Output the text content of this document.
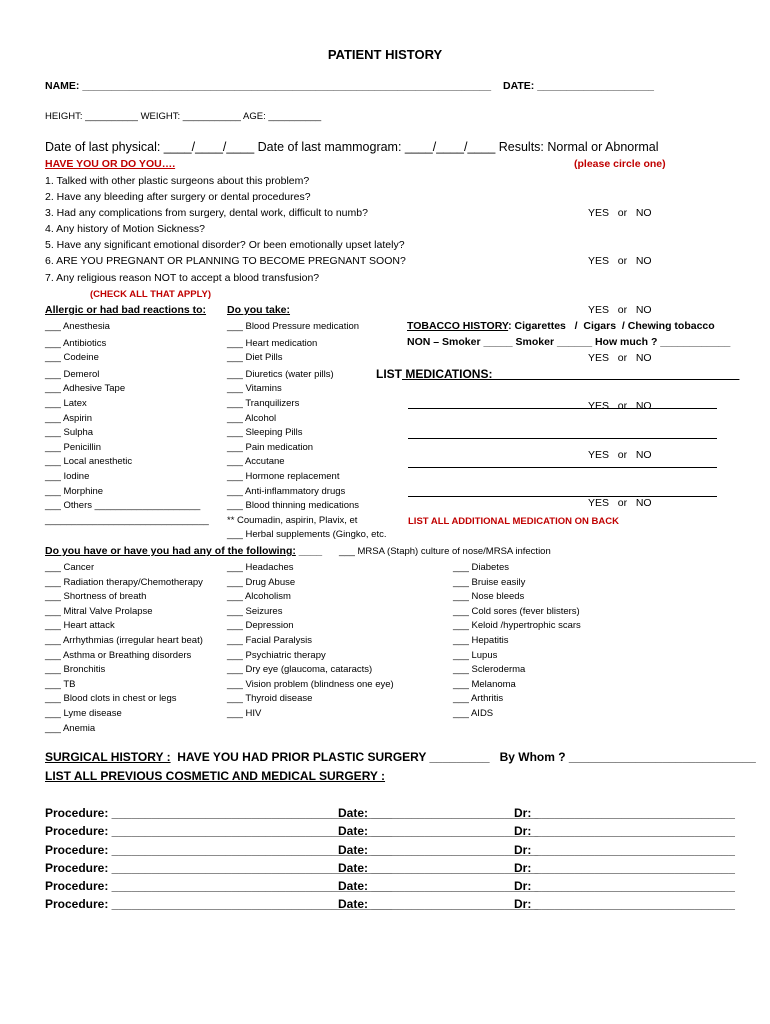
PATIENT HISTORY
NAME: ______________________________________________________________________	DATE: ____________________
HEIGHT: __________ WEIGHT: ___________ AGE: __________
Date of last physical: ____/____/____ Date of last mammogram: ____/____/____ Results: Normal or Abnormal
HAVE YOU OR DO YOU….	(please circle one)
1. Talked with other plastic surgeons about this problem?
2. Have any bleeding after surgery or dental procedures?
3. Had any complications from surgery, dental work, difficult to numb?
4. Any history of Motion Sickness?
5. Have any significant emotional disorder? Or been emotionally upset lately?
6. ARE YOU PREGNANT OR PLANNING TO BECOME PREGNANT SOON?
7. Any religious reason NOT to accept a blood transfusion?

YES   or   NO

YES   or   NO

YES   or   NO

YES   or   NO

YES   or   NO

YES   or   NO

YES   or   NO

(CHECK ALL THAT APPLY)
Allergic or had bad reactions to: Do you take:
___ Anesthesia
___ Antibiotics
___ Codeine
___ Demerol
___ Adhesive Tape
___ Latex
___ Aspirin
___ Sulpha
___ Penicillin
___ Local anesthetic
___ Iodine
___ Morphine
___ Others ____________________
_______________________________
___ Blood Pressure medication
___ Heart medication
___ Diet Pills
___ Diuretics (water pills)
___ Vitamins
___ Tranquilizers
___ Alcohol
___ Sleeping Pills
___ Pain medication
___ Accutane
___ Hormone replacement
___ Anti-inflammatory drugs
___ Blood thinning medications
** Coumadin, aspirin, Plavix, et
___ Herbal supplements (Gingko, etc.
TOBACCO HISTORY: Cigarettes   /  Cigars  / Chewing tobacco
NON – Smoker _____ Smoker ______ How much ? ____________
LIST MEDICATIONS:_____________________________________
LIST ALL ADDITIONAL MEDICATION ON BACK
Do you have or have you had any of the following: ____ ___ MRSA (Staph) culture of nose/MRSA infection
___ Cancer
___ Radiation therapy/Chemotherapy
___ Shortness of breath
___ Mitral Valve Prolapse
___ Heart attack
___ Arrhythmias (irregular heart beat)
___ Asthma or Breathing disorders
___ Bronchitis
___ TB
___ Blood clots in chest or legs
___ Lyme disease
___ Anemia
___ Headaches
___ Drug Abuse
___ Alcoholism
___ Seizures
___ Depression
___ Facial Paralysis
___ Psychiatric therapy
___ Dry eye (glaucoma, cataracts)
___ Vision problem (blindness one eye)
___ Thyroid disease
___ HIV
___ Diabetes
___ Bruise easily
___ Nose bleeds
___ Cold sores (fever blisters)
___ Keloid /hypertrophic scars
___ Hepatitis
___ Lupus
___ Scleroderma
___ Melanoma
___ Arthritis
___ AIDS
SURGICAL HISTORY :  HAVE YOU HAD PRIOR PLASTIC SURGERY _________   By Whom ? ____________________________
LIST ALL PREVIOUS COSMETIC AND MEDICAL SURGERY :
Procedure: __________________________________________
Procedure: __________________________________________
Procedure: __________________________________________
Procedure: __________________________________________
Procedure: __________________________________________
Procedure: __________________________________________
Date: _________________________
Date: _________________________
Date: _________________________
Date: _________________________
Date: _________________________
Date: _________________________
Dr: ______________________________
Dr: ______________________________
Dr: ______________________________
Dr: ______________________________
Dr: ______________________________
Dr: ______________________________
